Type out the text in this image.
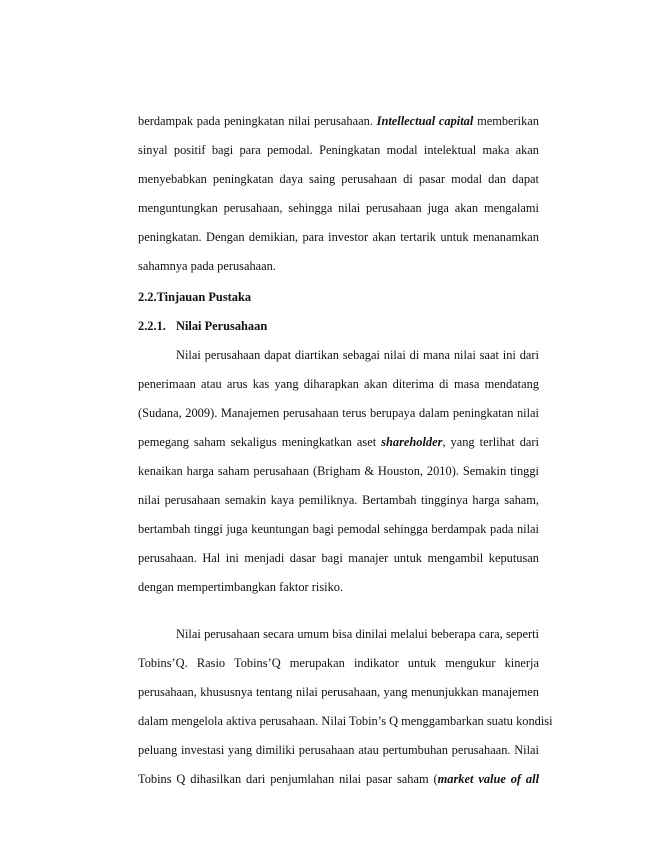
berdampak pada peningkatan nilai perusahaan. Intellectual capital memberikan
sinyal positif bagi para pemodal. Peningkatan modal intelektual maka akan
menyebabkan peningkatan daya saing perusahaan di pasar modal dan dapat
menguntungkan perusahaan, sehingga nilai perusahaan juga akan mengalami
peningkatan. Dengan demikian, para investor akan tertarik untuk menanamkan
sahamnya pada perusahaan.
2.2.Tinjauan Pustaka
2.2.1. Nilai Perusahaan
Nilai perusahaan dapat diartikan sebagai nilai di mana nilai saat ini dari
penerimaan atau arus kas yang diharapkan akan diterima di masa mendatang
(Sudana, 2009). Manajemen perusahaan terus berupaya dalam peningkatan nilai
pemegang saham sekaligus meningkatkan aset shareholder, yang terlihat dari
kenaikan harga saham perusahaan (Brigham & Houston, 2010). Semakin tinggi
nilai perusahaan semakin kaya pemiliknya. Bertambah tingginya harga saham,
bertambah tinggi juga keuntungan bagi pemodal sehingga berdampak pada nilai
perusahaan. Hal ini menjadi dasar bagi manajer untuk mengambil keputusan
dengan mempertimbangkan faktor risiko.
Nilai perusahaan secara umum bisa dinilai melalui beberapa cara, seperti
Tobins’Q. Rasio Tobins’Q merupakan indikator untuk mengukur kinerja
perusahaan, khususnya tentang nilai perusahaan, yang menunjukkan manajemen
dalam mengelola aktiva perusahaan. Nilai Tobin’s Q menggambarkan suatu kondisi
peluang investasi yang dimiliki perusahaan atau pertumbuhan perusahaan. Nilai
Tobins Q dihasilkan dari penjumlahan nilai pasar saham (market value of all
